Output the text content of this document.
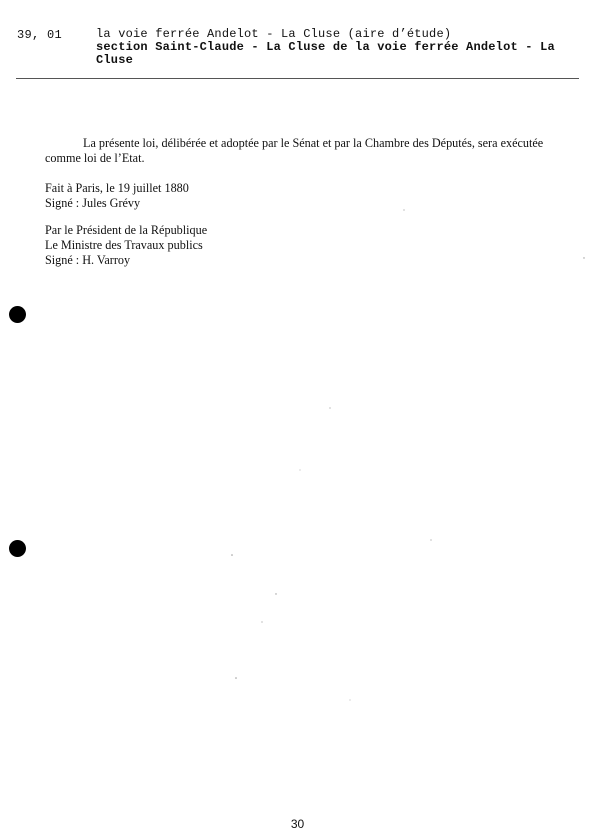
39, 01	la voie ferrée Andelot - La Cluse (aire d’étude)
section Saint-Claude - La Cluse de la voie ferrée Andelot - La Cluse

La présente loi, délibérée et adoptée par le Sénat et par la Chambre des Députés, sera exécutée comme loi de l’Etat.

Fait à Paris, le 19 juillet 1880
Signé : Jules Grévy
Par le Président de la République
Le Ministre des Travaux publics
Signé : H. Varroy
30
